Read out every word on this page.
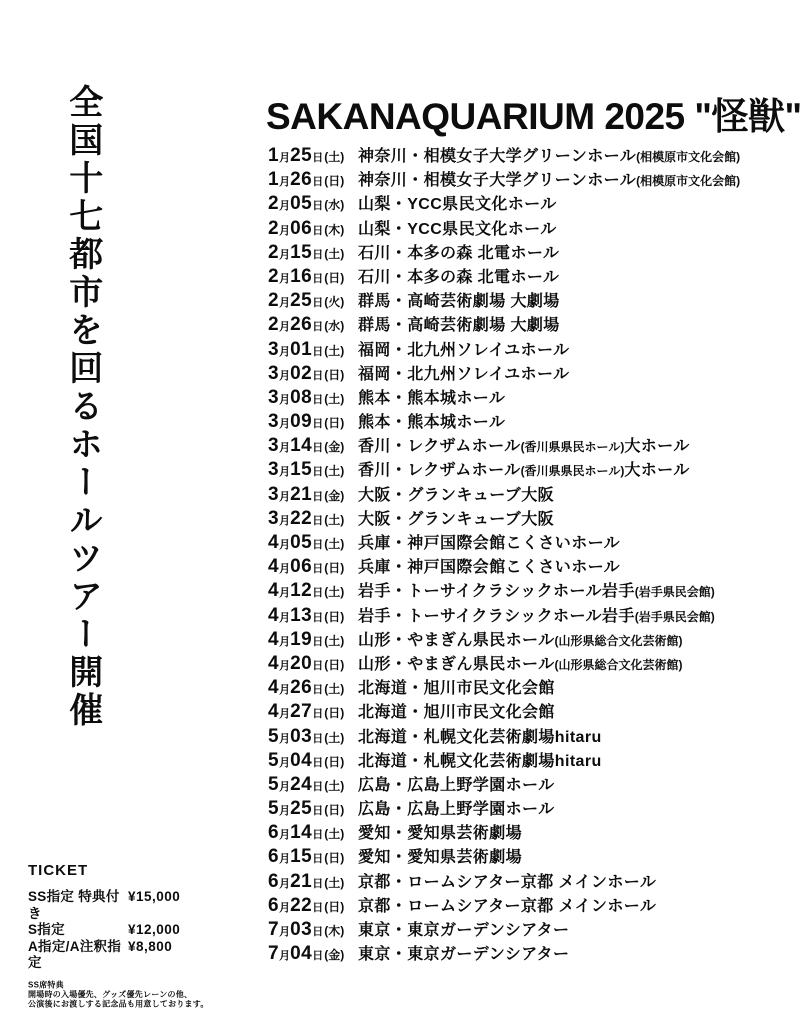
全国十七都市を回るホールツアー開催	SAKANAQUARIUM 2025 "怪獣"
1月25日(土) 神奈川・相模女子大学グリーンホール(相模原市文化会館)
1月26日(日) 神奈川・相模女子大学グリーンホール(相模原市文化会館)
2月05日(水) 山梨・YCC県民文化ホール
2月06日(木) 山梨・YCC県民文化ホール
2月15日(土) 石川・本多の森 北電ホール
2月16日(日) 石川・本多の森 北電ホール
2月25日(火) 群馬・高崎芸術劇場 大劇場
2月26日(水) 群馬・高崎芸術劇場 大劇場
3月01日(土) 福岡・北九州ソレイユホール
3月02日(日) 福岡・北九州ソレイユホール
3月08日(土) 熊本・熊本城ホール
3月09日(日) 熊本・熊本城ホール
3月14日(金) 香川・レクザムホール(香川県県民ホール)大ホール
3月15日(土) 香川・レクザムホール(香川県県民ホール)大ホール
3月21日(金) 大阪・グランキューブ大阪
3月22日(土) 大阪・グランキューブ大阪
4月05日(土) 兵庫・神戸国際会館こくさいホール
4月06日(日) 兵庫・神戸国際会館こくさいホール
4月12日(土) 岩手・トーサイクラシックホール岩手(岩手県民会館)
4月13日(日) 岩手・トーサイクラシックホール岩手(岩手県民会館)
4月19日(土) 山形・やまぎん県民ホール(山形県総合文化芸術館)
4月20日(日) 山形・やまぎん県民ホール(山形県総合文化芸術館)
4月26日(土) 北海道・旭川市民文化会館
4月27日(日) 北海道・旭川市民文化会館
5月03日(土) 北海道・札幌文化芸術劇場hitaru
5月04日(日) 北海道・札幌文化芸術劇場hitaru
5月24日(土) 広島・広島上野学園ホール
5月25日(日) 広島・広島上野学園ホール
6月14日(土) 愛知・愛知県芸術劇場
6月15日(日) 愛知・愛知県芸術劇場
6月21日(土) 京都・ロームシアター京都 メインホール
6月22日(日) 京都・ロームシアター京都 メインホール
7月03日(木) 東京・東京ガーデンシアター
7月04日(金) 東京・東京ガーデンシアター
TICKET
SS指定 特典付き
¥15,000
S指定	¥12,000
A指定/A注釈指定
¥8,800
SS席特典
開場時の入場優先、グッズ優先レーンの他、
公演後にお渡しする記念品も用意しております。
